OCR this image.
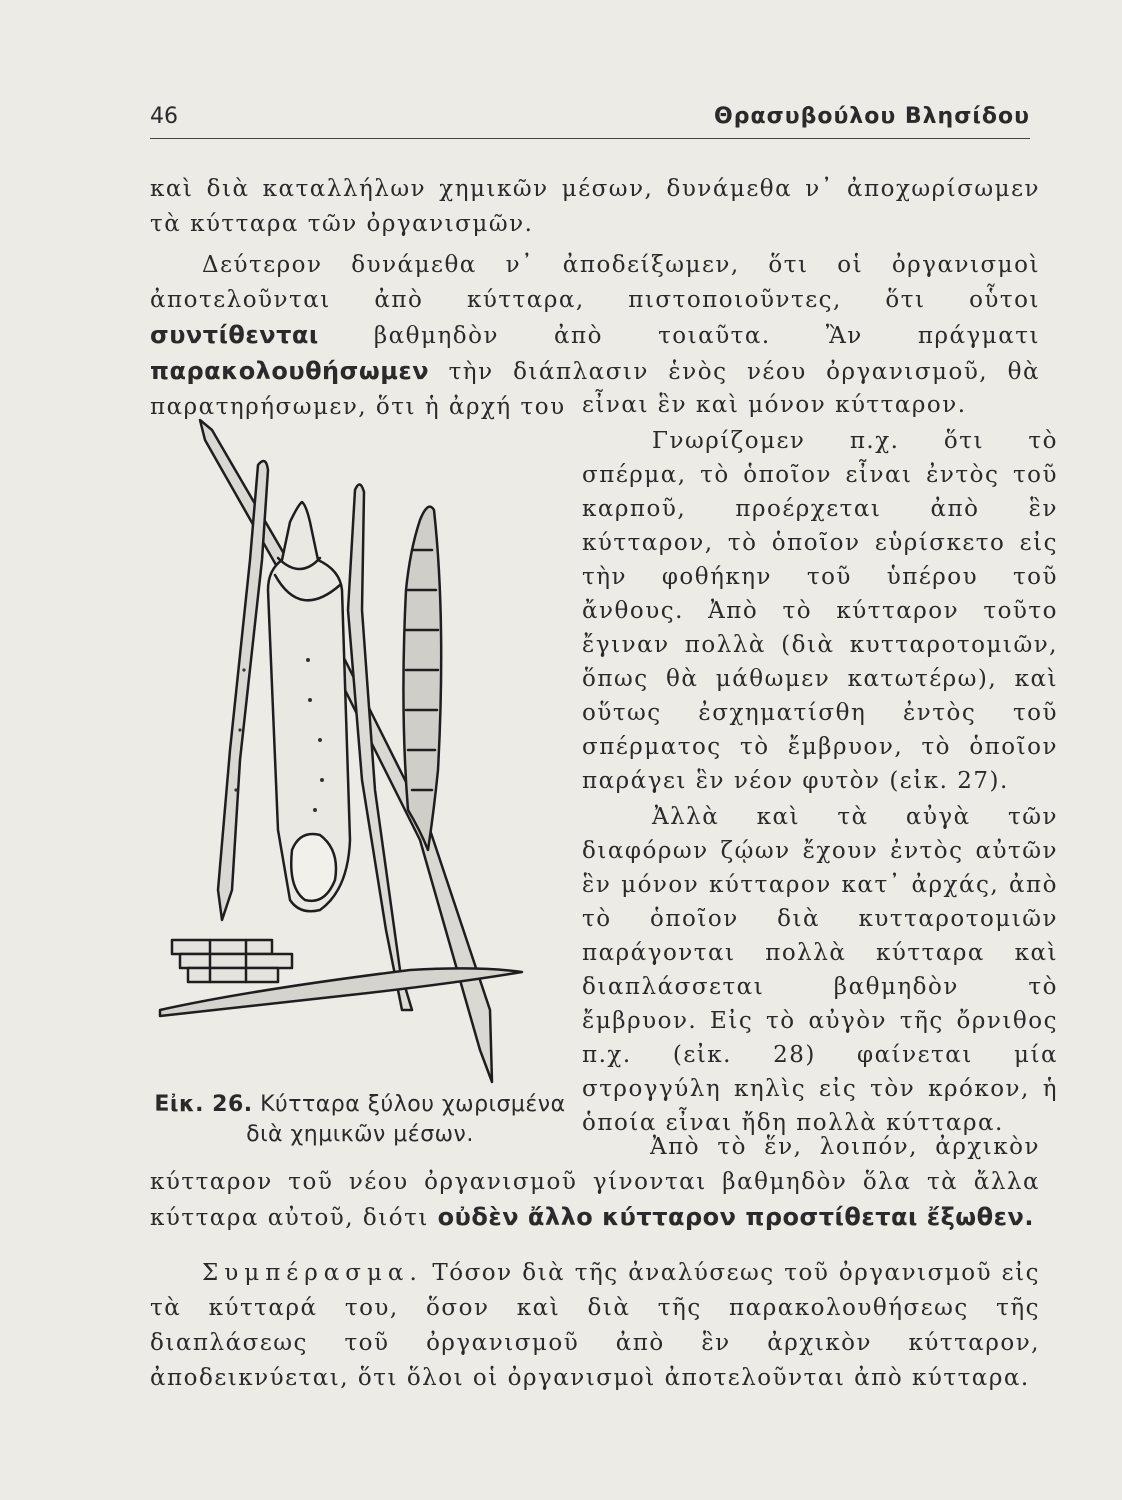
46	Θρασυβούλου Βλησίδου

καὶ διὰ καταλλήλων χημικῶν μέσων, δυνάμεθα ν᾿ ἀποχωρίσωμεν τὰ κύτταρα τῶν ὀργανισμῶν.

Δεύτερον δυνάμεθα ν᾿ ἀποδείξωμεν, ὅτι οἱ ὀργανισμοὶ ἀποτελοῦνται ἀπὸ κύτταρα, πιστοποιοῦντες, ὅτι οὗτοι συντίθενται βαθμηδὸν ἀπὸ τοιαῦτα. Ἂν πράγματι παρακολουθήσωμεν τὴν διάπλασιν ἑνὸς νέου ὀργανισμοῦ, θὰ παρατηρήσωμεν, ὅτι ἡ ἀρχή του εἶναι ἓν καὶ μόνον κύτταρον.

Γνωρίζομεν π.χ. ὅτι τὸ σπέρμα, τὸ ὁποῖον εἶναι ἐντὸς τοῦ καρποῦ, προέρχεται ἀπὸ ἓν κύτταρον, τὸ ὁποῖον εὑρίσκετο εἰς τὴν φοθήκην τοῦ ὑπέρου τοῦ ἄνθους. Ἀπὸ τὸ κύτταρον τοῦτο ἔγιναν πολλὰ (διὰ κυτταροτομιῶν, ὅπως θὰ μάθωμεν κατωτέρω), καὶ οὕτως ἐσχηματίσθη ἐντὸς τοῦ σπέρματος τὸ ἔμβρυον, τὸ ὁποῖον παράγει ἓν νέον φυτὸν (εἰκ. 27).

Ἀλλὰ καὶ τὰ αὐγὰ τῶν διαφόρων ζῴων ἔχουν ἐντὸς αὐτῶν ἓν μόνον κύτταρον κατ᾿ ἀρχάς, ἀπὸ τὸ ὁποῖον διὰ κυτταροτομιῶν παράγονται πολλὰ κύτταρα καὶ διαπλάσσεται βαθμηδὸν τὸ ἔμβρυον. Εἰς τὸ αὐγὸν τῆς ὄρνιθος π.χ. (εἰκ. 28) φαίνεται μία στρογγύλη κηλὶς εἰς τὸν κρόκον, ἡ ὁποία εἶναι ἤδη πολλὰ κύτταρα.

Εἰκ. 26. Κύτταρα ξύλου χωρισμένα διὰ χημικῶν μέσων.	Ἀπὸ τὸ ἕν, λοιπόν, ἀρχικὸν κύτταρον τοῦ νέου ὀργανισμοῦ γίνονται βαθμηδὸν ὅλα τὰ ἄλλα κύτταρα αὐτοῦ, διότι οὐδὲν ἄλλο κύτταρον προστίθεται ἔξωθεν.

Συμπέρασμα. Τόσον διὰ τῆς ἀναλύσεως τοῦ ὀργανισμοῦ εἰς τὰ κύτταρά του, ὅσον καὶ διὰ τῆς παρακολουθήσεως τῆς διαπλάσεως τοῦ ὀργανισμοῦ ἀπὸ ἓν ἀρχικὸν κύτταρον, ἀποδεικνύεται, ὅτι ὅλοι οἱ ὀργανισμοὶ ἀποτελοῦνται ἀπὸ κύτταρα.
